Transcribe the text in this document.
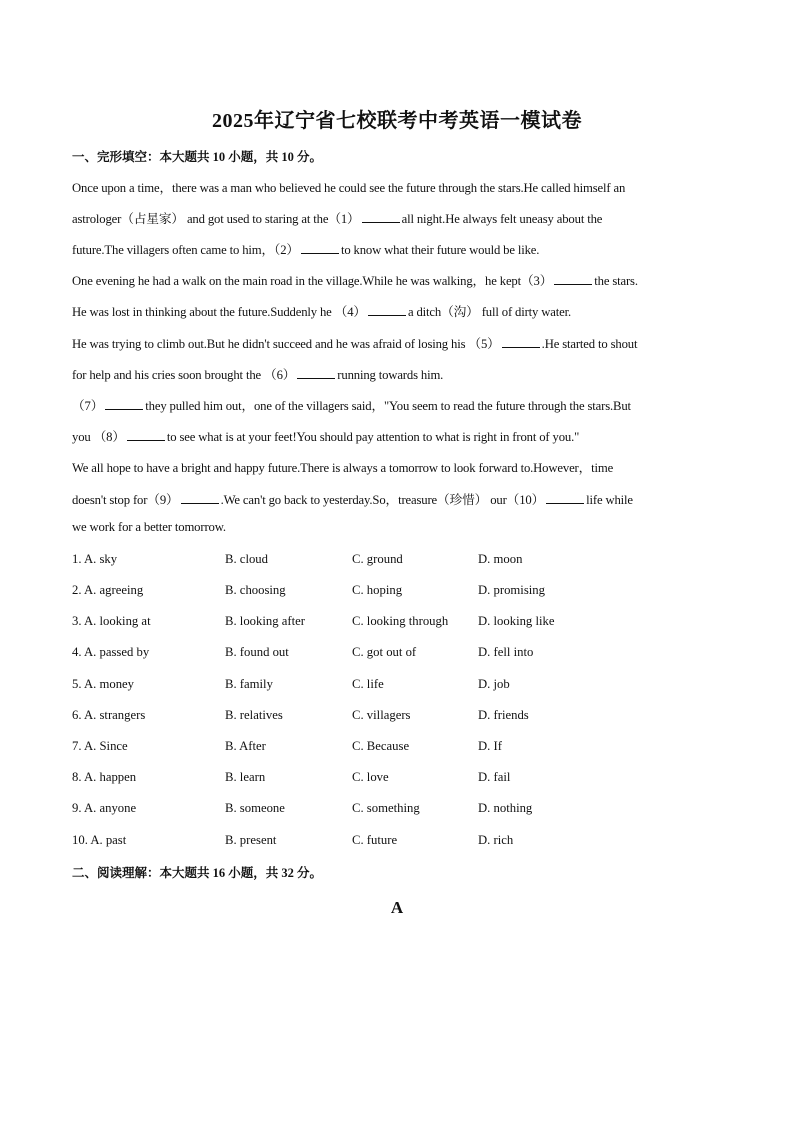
2025年辽宁省七校联考中考英语一模试卷
一、完形填空：本大题共 10 小题，共 10 分。
Once upon a time，there was a man who believed he could see the future through the stars.He called himself an
astrologer（占星家） and got used to staring at the（1）	all night.He always felt uneasy about the
future.The villagers often came to him，（2）	to know what their future would be like.
One evening he had a walk on the main road in the village.While he was walking，he kept（3）	the stars.
He was lost in thinking about the future.Suddenly he （4）	a ditch（沟） full of dirty water.
He was trying to climb out.But he didn't succeed and he was afraid of losing his （5）	.He started to shout
for help and his cries soon brought the （6）	running towards him.
（7）	they pulled him out，one of the villagers said，"You seem to read the future through the stars.But
you （8）	to see what is at your feet!You should pay attention to what is right in front of you."
We all hope to have a bright and happy future.There is always a tomorrow to look forward to.However，time
doesn't stop for（9）	.We can't go back to yesterday.So，treasure（珍惜） our（10）	life while
we work for a better tomorrow.
1. A. sky	B. cloud	C. ground	D. moon
2. A. agreeing	B. choosing	C. hoping	D. promising
3. A. looking at	B. looking after	C. looking through D. looking like
4. A. passed by	B. found out	C. got out of	D. fell into
5. A. money	B. family	C. life	D. job
6. A. strangers	B. relatives	C. villagers	D. friends
7. A. Since	B. After	C. Because	D. If
8. A. happen	B. learn	C. love	D. fail
9. A. anyone	B. someone	C. something	D. nothing
10. A. past	B. present	C. future	D. rich
二、阅读理解：本大题共 16 小题，共 32 分。
A
